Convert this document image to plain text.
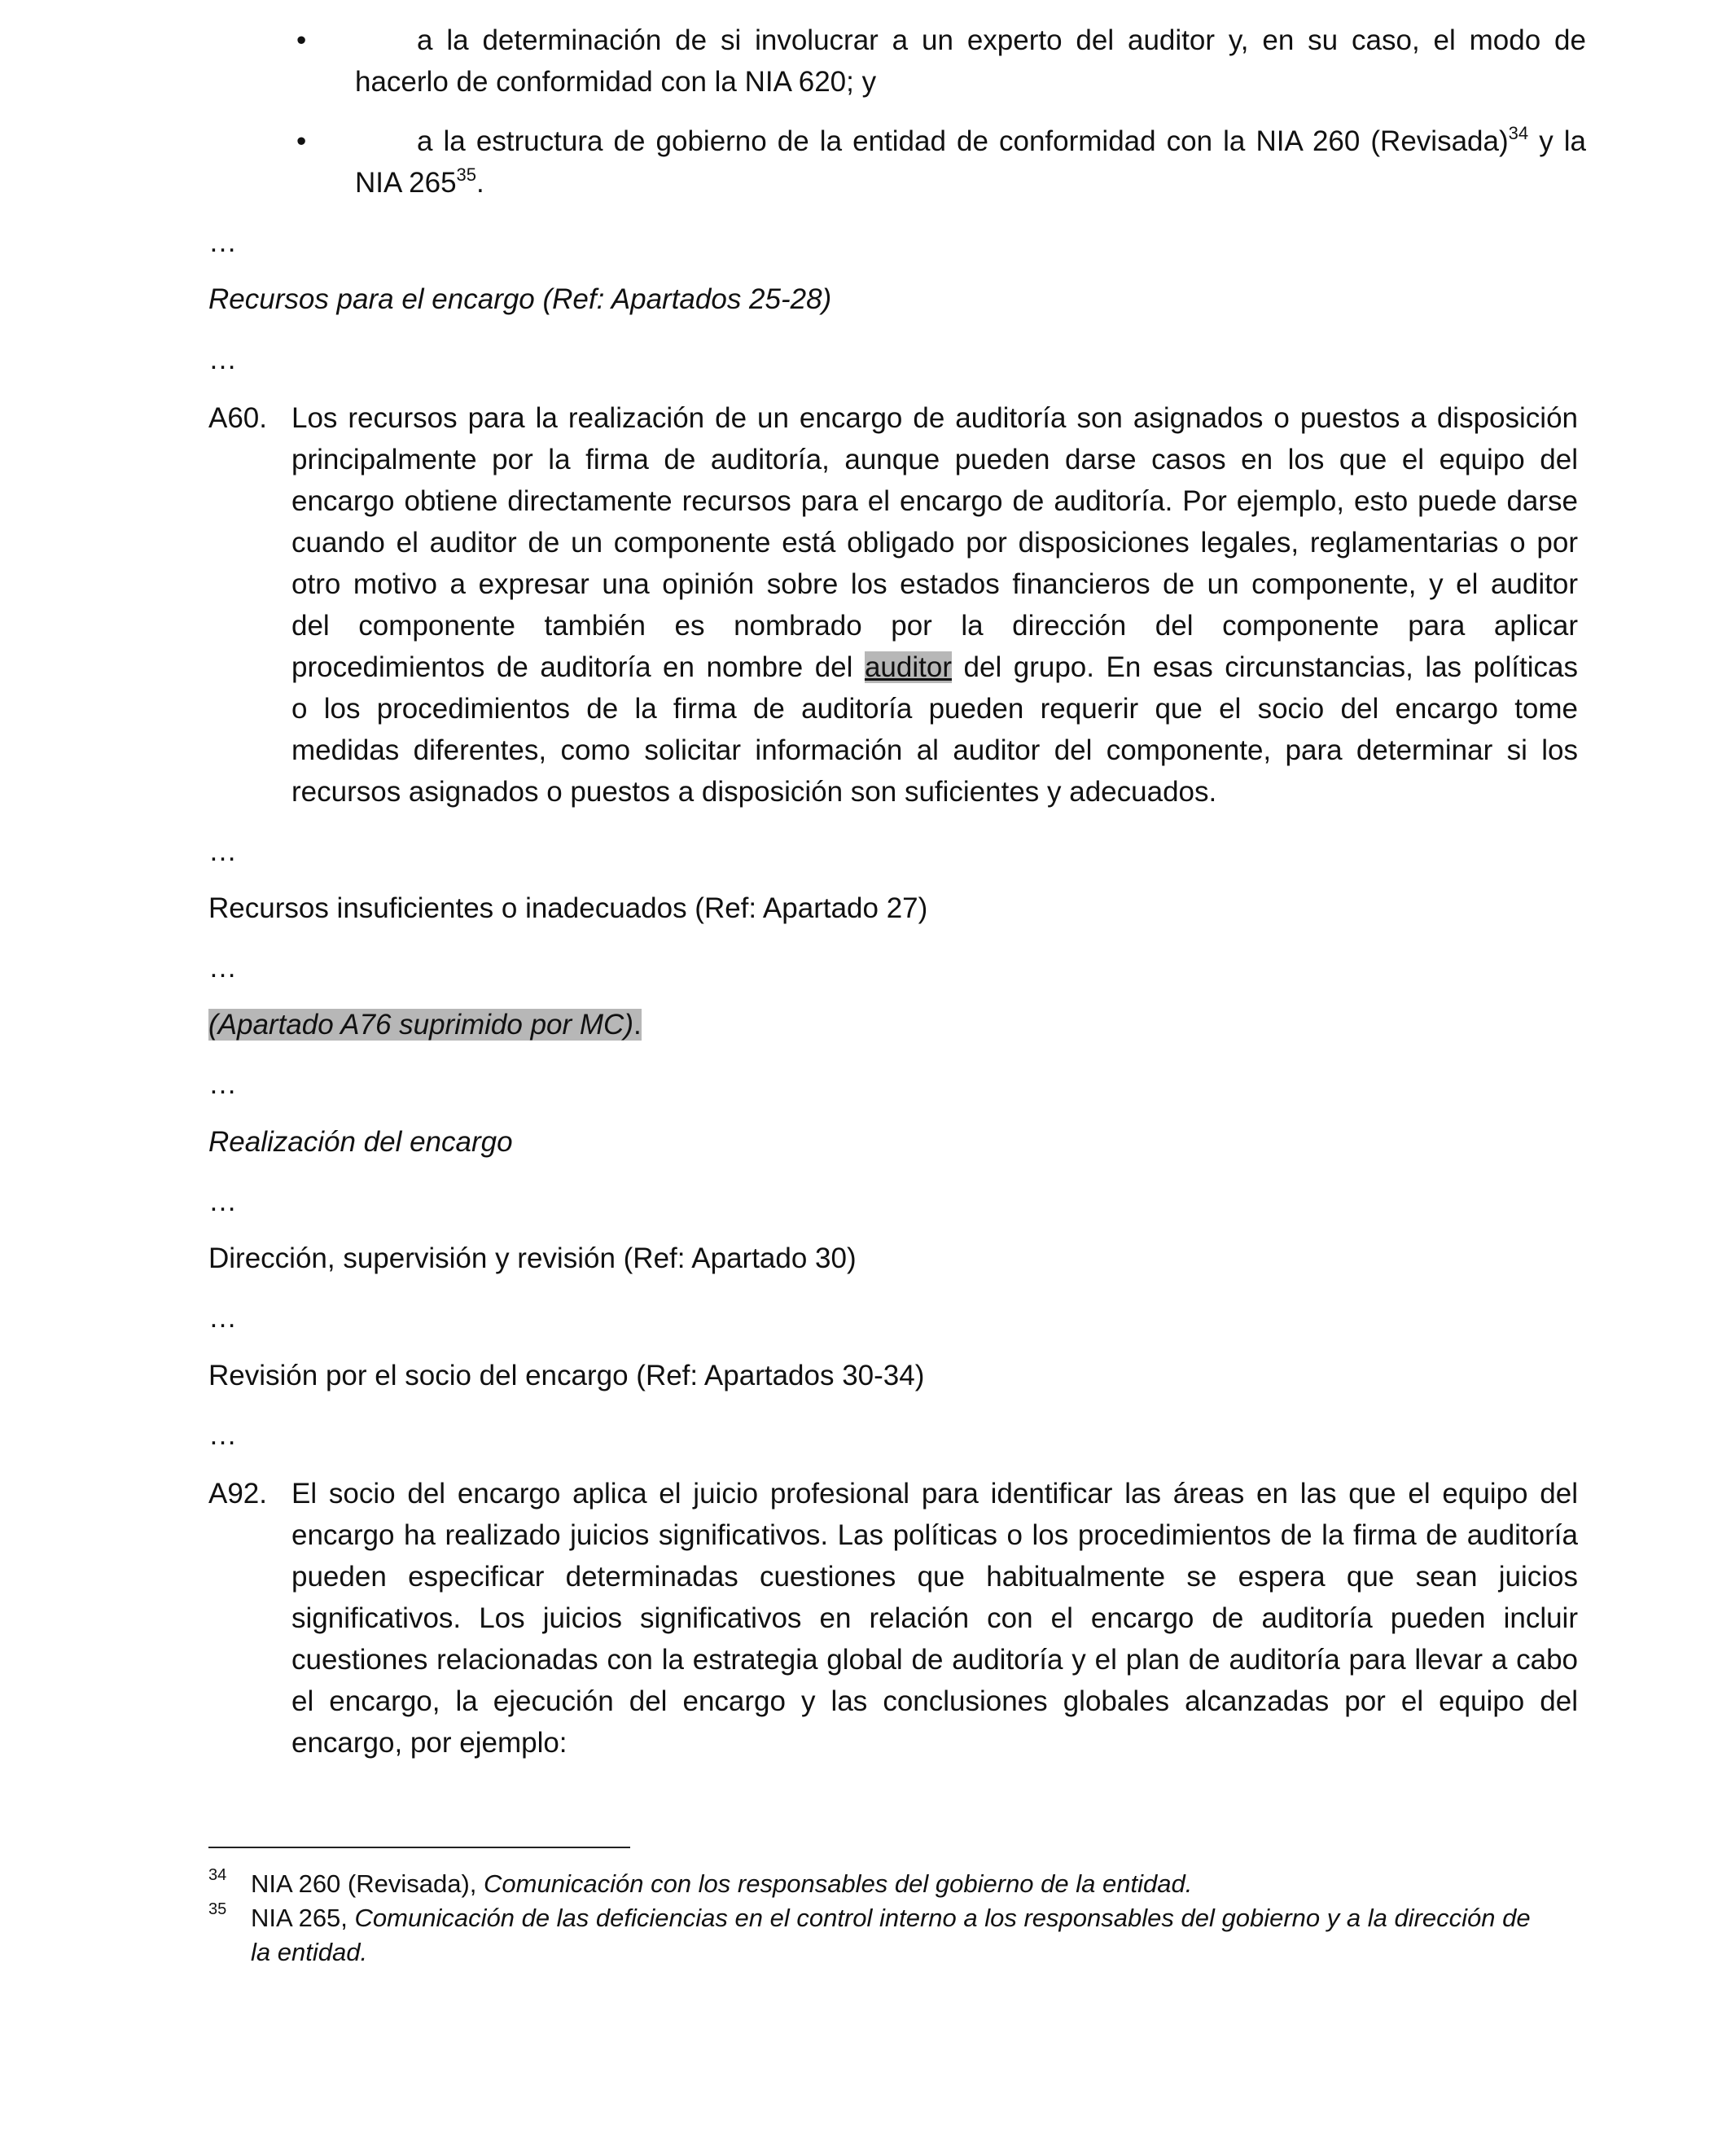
•	a la determinación de si involucrar a un experto del auditor y, en su caso, el modo de
hacerlo de conformidad con la NIA 620; y
•	a la estructura de gobierno de la entidad de conformidad con la NIA 260 (Revisada)$^{34}$ y la
NIA $265^{35}$.
…
Recursos para el encargo (Ref: Apartados 25-28)
…
A60. Los recursos para la realización de un encargo de auditoría son asignados o puestos a disposición
principalmente por la firma de auditoría, aunque pueden darse casos en los que el equipo del
encargo obtiene directamente recursos para el encargo de auditoría. Por ejemplo, esto puede darse
cuando el auditor de un componente está obligado por disposiciones legales, reglamentarias o por
otro motivo a expresar una opinión sobre los estados financieros de un componente, y el auditor
del componente también es nombrado por la dirección del componente para aplicar
procedimientos de auditoría en nombre del auditor del grupo. En esas circunstancias, las políticas
o los procedimientos de la firma de auditoría pueden requerir que el socio del encargo tome
medidas diferentes, como solicitar información al auditor del componente, para determinar si los
recursos asignados o puestos a disposición son suficientes y adecuados.
…
Recursos insuficientes o inadecuados (Ref: Apartado 27)
…
(Apartado A76 suprimido por MC).
…
Realización del encargo
…
Dirección, supervisión y revisión (Ref: Apartado 30)
…
Revisión por el socio del encargo (Ref: Apartados 30-34)
…
A92. El socio del encargo aplica el juicio profesional para identificar las áreas en las que el equipo del
encargo ha realizado juicios significativos. Las políticas o los procedimientos de la firma de auditoría
pueden especificar determinadas cuestiones que habitualmente se espera que sean juicios
significativos. Los juicios significativos en relación con el encargo de auditoría pueden incluir
cuestiones relacionadas con la estrategia global de auditoría y el plan de auditoría para llevar a cabo
el encargo, la ejecución del encargo y las conclusiones globales alcanzadas por el equipo del
encargo, por ejemplo:
34 NIA 260 (Revisada), Comunicación con los responsables del gobierno de la entidad.
35 NIA 265, Comunicación de las deficiencias en el control interno a los responsables del gobierno y a la dirección de
la entidad.
